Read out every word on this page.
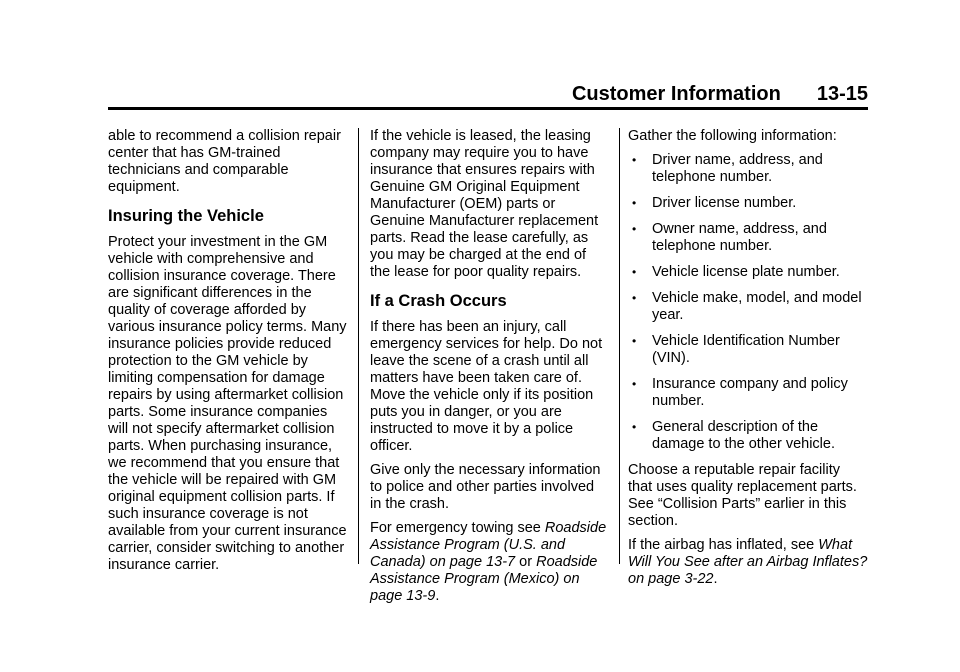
Customer Information 13-15

able to recommend a collision repair center that has GM-trained technicians and comparable equipment.

Insuring the Vehicle

Protect your investment in the GM vehicle with comprehensive and collision insurance coverage. There are significant differences in the quality of coverage afforded by various insurance policy terms. Many insurance policies provide reduced protection to the GM vehicle by limiting compensation for damage repairs by using aftermarket collision parts. Some insurance companies will not specify aftermarket collision parts. When purchasing insurance, we recommend that you ensure that the vehicle will be repaired with GM original equipment collision parts. If such insurance coverage is not available from your current insurance carrier, consider switching to another insurance carrier.

If the vehicle is leased, the leasing company may require you to have insurance that ensures repairs with Genuine GM Original Equipment Manufacturer (OEM) parts or Genuine Manufacturer replacement parts. Read the lease carefully, as you may be charged at the end of the lease for poor quality repairs.

If a Crash Occurs

If there has been an injury, call emergency services for help. Do not leave the scene of a crash until all matters have been taken care of. Move the vehicle only if its position puts you in danger, or you are instructed to move it by a police officer.

Give only the necessary information to police and other parties involved in the crash.

For emergency towing see Roadside Assistance Program (U.S. and Canada) on page 13-7 or Roadside Assistance Program (Mexico) on page 13-9.

Gather the following information:

• Driver name, address, and telephone number.
• Driver license number.
• Owner name, address, and telephone number.
• Vehicle license plate number.
• Vehicle make, model, and model year.
• Vehicle Identification Number (VIN).
• Insurance company and policy number.
• General description of the damage to the other vehicle.

Choose a reputable repair facility that uses quality replacement parts. See “Collision Parts” earlier in this section.

If the airbag has inflated, see What Will You See after an Airbag Inflates? on page 3-22.
